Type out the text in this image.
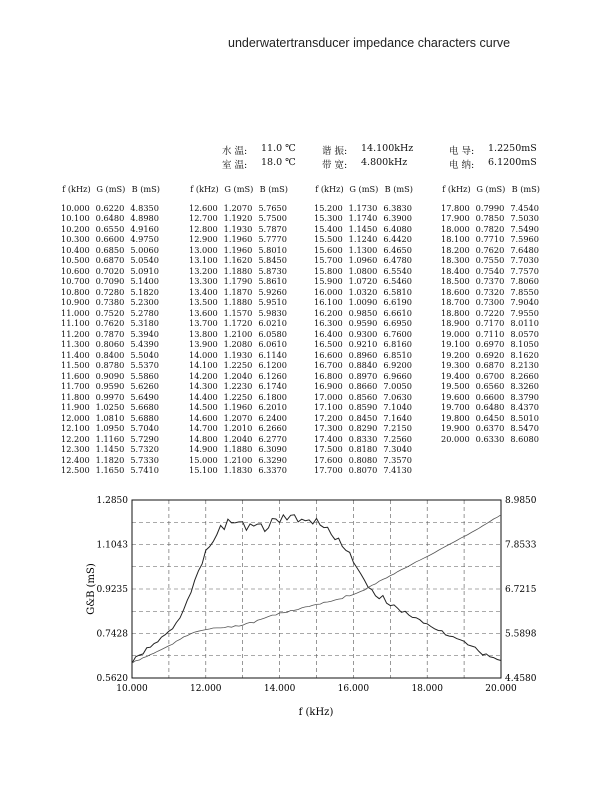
underwatertransducer impedance characters curve
水 温: 11.0 ℃
室 温: 18.0 ℃
谐 振: 14.100kHz
带 宽: 4.800kHz
电 导: 1.2250mS
电 纳: 6.1200mS
f (kHz)	G (mS)	B (mS)
10.000	0.6220	4.8350
10.100	0.6480	4.8980
10.200	0.6550	4.9160
10.300	0.6600	4.9750
10.400	0.6850	5.0060
10.500	0.6870	5.0540
10.600	0.7020	5.0910
10.700	0.7090	5.1400
10.800	0.7280	5.1820
10.900	0.7380	5.2300
11.000	0.7520	5.2780
11.100	0.7620	5.3180
11.200	0.7870	5.3940
11.300	0.8060	5.4390
11.400	0.8400	5.5040
11.500	0.8780	5.5370
11.600	0.9090	5.5860
11.700	0.9590	5.6260
11.800	0.9970	5.6490
11.900	1.0250	5.6680
12.000	1.0810	5.6880
12.100	1.0950	5.7040
12.200	1.1160	5.7290
12.300	1.1450	5.7320
12.400	1.1820	5.7330
12.500	1.1650	5.7410
f (kHz)	G (mS)	B (mS)
12.600	1.2070	5.7650
12.700	1.1920	5.7500
12.800	1.1930	5.7870
12.900	1.1960	5.7770
13.000	1.1960	5.8010
13.100	1.1620	5.8450
13.200	1.1880	5.8730
13.300	1.1790	5.8610
13.400	1.1870	5.9260
13.500	1.1880	5.9510
13.600	1.1570	5.9830
13.700	1.1720	6.0210
13.800	1.2100	6.0580
13.900	1.2080	6.0610
14.000	1.1930	6.1140
14.100	1.2250	6.1200
14.200	1.2040	6.1260
14.300	1.2230	6.1740
14.400	1.2250	6.1800
14.500	1.1960	6.2010
14.600	1.2070	6.2400
14.700	1.2010	6.2660
14.800	1.2040	6.2770
14.900	1.1880	6.3090
15.000	1.2100	6.3290
15.100	1.1830	6.3370
f (kHz)	G (mS)	B (mS)
15.200	1.1730	6.3830
15.300	1.1740	6.3900
15.400	1.1450	6.4080
15.500	1.1240	6.4420
15.600	1.1300	6.4650
15.700	1.0960	6.4780
15.800	1.0800	6.5540
15.900	1.0720	6.5460
16.000	1.0320	6.5810
16.100	1.0090	6.6190
16.200	0.9850	6.6610
16.300	0.9590	6.6950
16.400	0.9300	6.7600
16.500	0.9210	6.8160
16.600	0.8960	6.8510
16.700	0.8840	6.9200
16.800	0.8970	6.9660
16.900	0.8660	7.0050
17.000	0.8560	7.0630
17.100	0.8590	7.1040
17.200	0.8450	7.1640
17.300	0.8290	7.2150
17.400	0.8330	7.2560
17.500	0.8180	7.3040
17.600	0.8080	7.3570
17.700	0.8070	7.4130
f (kHz)	G (mS)	B (mS)
17.800	0.7990	7.4540
17.900	0.7850	7.5030
18.000	0.7820	7.5490
18.100	0.7710	7.5960
18.200	0.7620	7.6480
18.300	0.7550	7.7030
18.400	0.7540	7.7570
18.500	0.7370	7.8060
18.600	0.7320	7.8550
18.700	0.7300	7.9040
18.800	0.7220	7.9550
18.900	0.7170	8.0110
19.000	0.7110	8.0570
19.100	0.6970	8.1050
19.200	0.6920	8.1620
19.300	0.6870	8.2130
19.400	0.6700	8.2660
19.500	0.6560	8.3260
19.600	0.6600	8.3790
19.700	0.6480	8.4370
19.800	0.6450	8.5010
19.900	0.6370	8.5470
20.000	0.6330	8.6080
10.000	12.000	14.000	16.000	18.000	20.000
1.2850
1.1043
0.9235
0.7428
0.5620
8.9850
7.8533
6.7215
5.5898
4.4580
f (kHz)
G&B (mS)
